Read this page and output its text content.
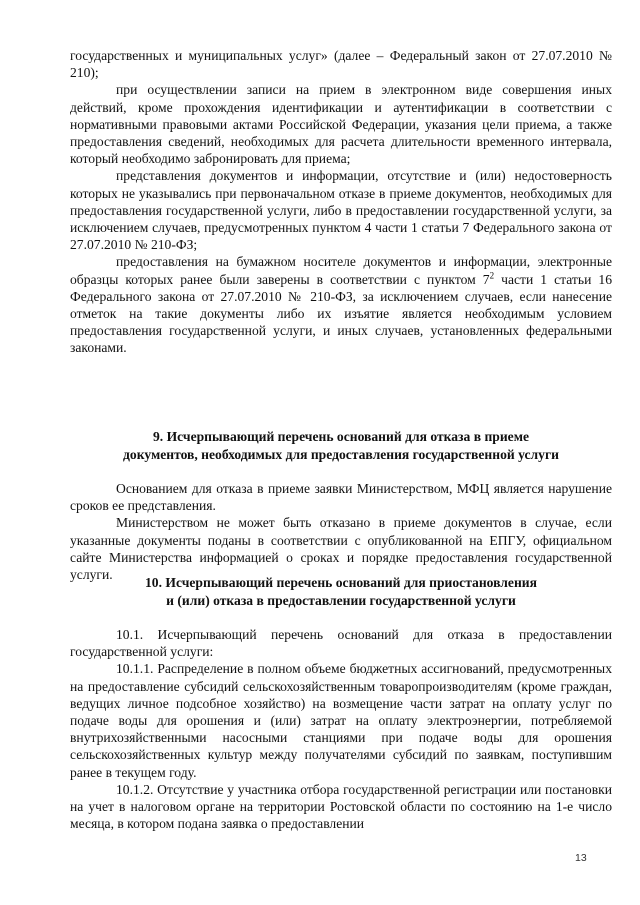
государственных и муниципальных услуг» (далее – Федеральный закон от 27.07.2010 № 210);

при осуществлении записи на прием в электронном виде совершения иных действий, кроме прохождения идентификации и аутентификации в соответствии с нормативными правовыми актами Российской Федерации, указания цели приема, а также предоставления сведений, необходимых для расчета длительности временного интервала, который необходимо забронировать для приема;

представления документов и информации, отсутствие и (или) недостоверность которых не указывались при первоначальном отказе в приеме документов, необходимых для предоставления государственной услуги, либо в предоставлении государственной услуги, за исключением случаев, предусмотренных пунктом 4 части 1 статьи 7 Федерального закона от 27.07.2010 № 210-ФЗ;

предоставления на бумажном носителе документов и информации, электронные образцы которых ранее были заверены в соответствии с пунктом $7^2$ части 1 статьи 16 Федерального закона от 27.07.2010 № 210-ФЗ, за исключением случаев, если нанесение отметок на такие документы либо их изъятие является необходимым условием предоставления государственной услуги, и иных случаев, установленных федеральными законами.

9. Исчерпывающий перечень оснований для отказа в приеме
документов, необходимых для предоставления государственной услуги

Основанием для отказа в приеме заявки Министерством, МФЦ является нарушение сроков ее представления.

Министерством не может быть отказано в приеме документов в случае, если указанные документы поданы в соответствии с опубликованной на ЕПГУ, официальном сайте Министерства информацией о сроках и порядке предоставления государственной услуги.

10. Исчерпывающий перечень оснований для приостановления
и (или) отказа в предоставлении государственной услуги

10.1. Исчерпывающий перечень оснований для отказа в предоставлении государственной услуги:

10.1.1. Распределение в полном объеме бюджетных ассигнований, предусмотренных на предоставление субсидий сельскохозяйственным товаропроизводителям (кроме граждан, ведущих личное подсобное хозяйство) на возмещение части затрат на оплату услуг по подаче воды для орошения и (или) затрат на оплату электроэнергии, потребляемой внутрихозяйственными насосными станциями при подаче воды для орошения сельскохозяйственных культур между получателями субсидий по заявкам, поступившим ранее в текущем году.

10.1.2. Отсутствие у участника отбора государственной регистрации или постановки на учет в налоговом органе на территории Ростовской области по состоянию на 1-е число месяца, в котором подана заявка о предоставлении

13
